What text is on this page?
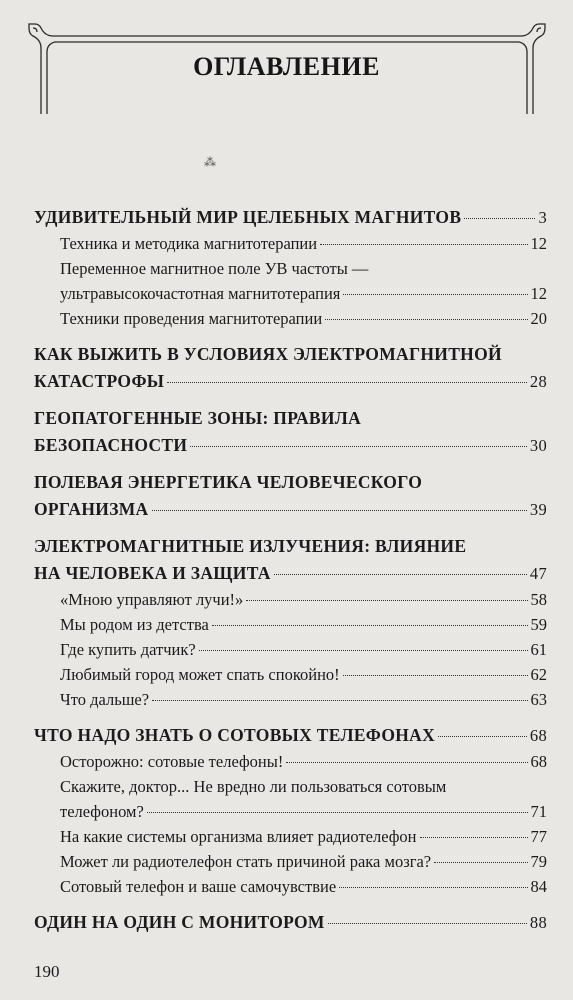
ОГЛАВЛЕНИЕ
⁂
УДИВИТЕЛЬНЫЙ МИР ЦЕЛЕБНЫХ МАГНИТОВ	3
Техника и методика магнитотерапии	12
Переменное магнитное поле УВ частоты —
ультравысокочастотная магнитотерапия	12
Техники проведения магнитотерапии	20
КАК ВЫЖИТЬ В УСЛОВИЯХ ЭЛЕКТРОМАГНИТНОЙ
КАТАСТРОФЫ	28
ГЕОПАТОГЕННЫЕ ЗОНЫ: ПРАВИЛА
БЕЗОПАСНОСТИ	30
ПОЛЕВАЯ ЭНЕРГЕТИКА ЧЕЛОВЕЧЕСКОГО
ОРГАНИЗМА	39
ЭЛЕКТРОМАГНИТНЫЕ ИЗЛУЧЕНИЯ: ВЛИЯНИЕ
НА ЧЕЛОВЕКА И ЗАЩИТА	47
«Мною управляют лучи!»	58
Мы родом из детства	59
Где купить датчик?	61
Любимый город может спать спокойно!	62
Что дальше?	63
ЧТО НАДО ЗНАТЬ О СОТОВЫХ ТЕЛЕФОНАХ	68
Осторожно: сотовые телефоны!	68
Скажите, доктор... Не вредно ли пользоваться сотовым
телефоном?	71
На какие системы организма влияет радиотелефон	77
Может ли радиотелефон стать причиной рака мозга?	79
Сотовый телефон и ваше самочувствие	84
ОДИН НА ОДИН С МОНИТОРОМ	88
190
